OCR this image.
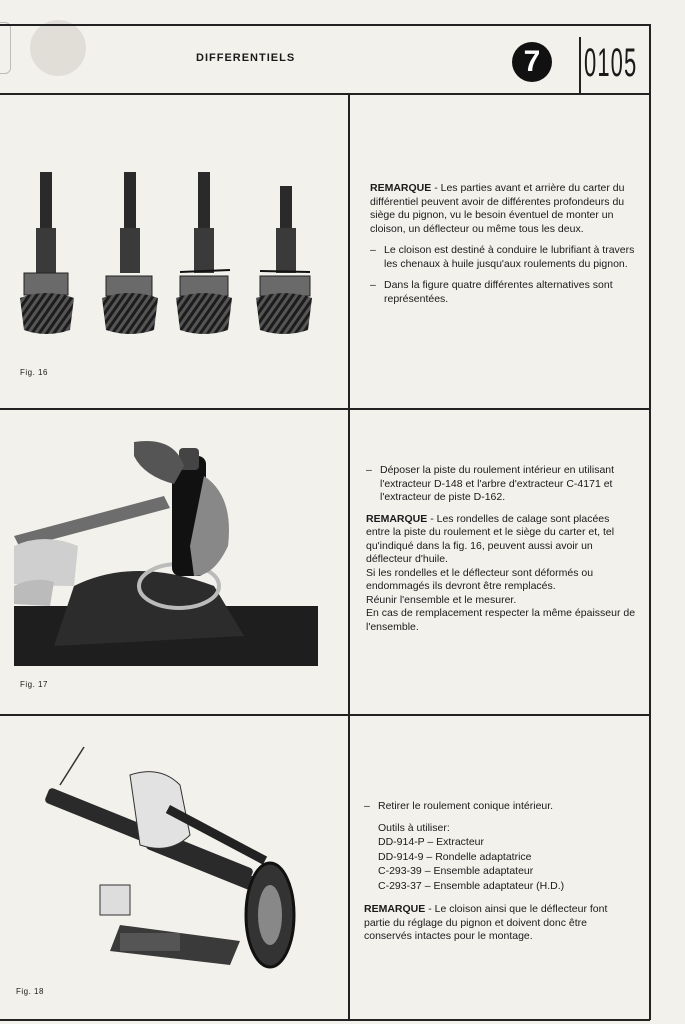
DIFFERENTIELS	7 0105
Fig. 16

REMARQUE - Les parties avant et arrière du carter du différentiel peuvent avoir de différentes profondeurs du siège du pignon, vu le besoin éventuel de monter un cloison, un déflecteur ou même tous les deux.

– Le cloison est destiné à conduire le lubrifiant à travers les chenaux à huile jusqu'aux roulements du pignon.
– Dans la figure quatre différentes alternatives sont représentées.
Fig. 17
– Déposer la piste du roulement intérieur en utilisant l'extracteur D-148 et l'arbre d'extracteur C-4171 et l'extracteur de piste D-162.

REMARQUE - Les rondelles de calage sont placées entre la piste du roulement et le siège du carter et, tel qu'indiqué dans la fig. 16, peuvent aussi avoir un déflecteur d'huile.

Si les rondelles et le déflecteur sont déformés ou endommagés ils devront être remplacés.
Réunir l'ensemble et le mesurer.
En cas de remplacement respecter la même épaisseur de l'ensemble.
Fig. 18
– Retirer le roulement conique intérieur.
Outils à utiliser:
DD-914-P – Extracteur
DD-914-9 – Rondelle adaptatrice
C-293-39 – Ensemble adaptateur
C-293-37 – Ensemble adaptateur (H.D.)

REMARQUE - Le cloison ainsi que le déflecteur font partie du réglage du pignon et doivent donc être conservés intactes pour le montage.
